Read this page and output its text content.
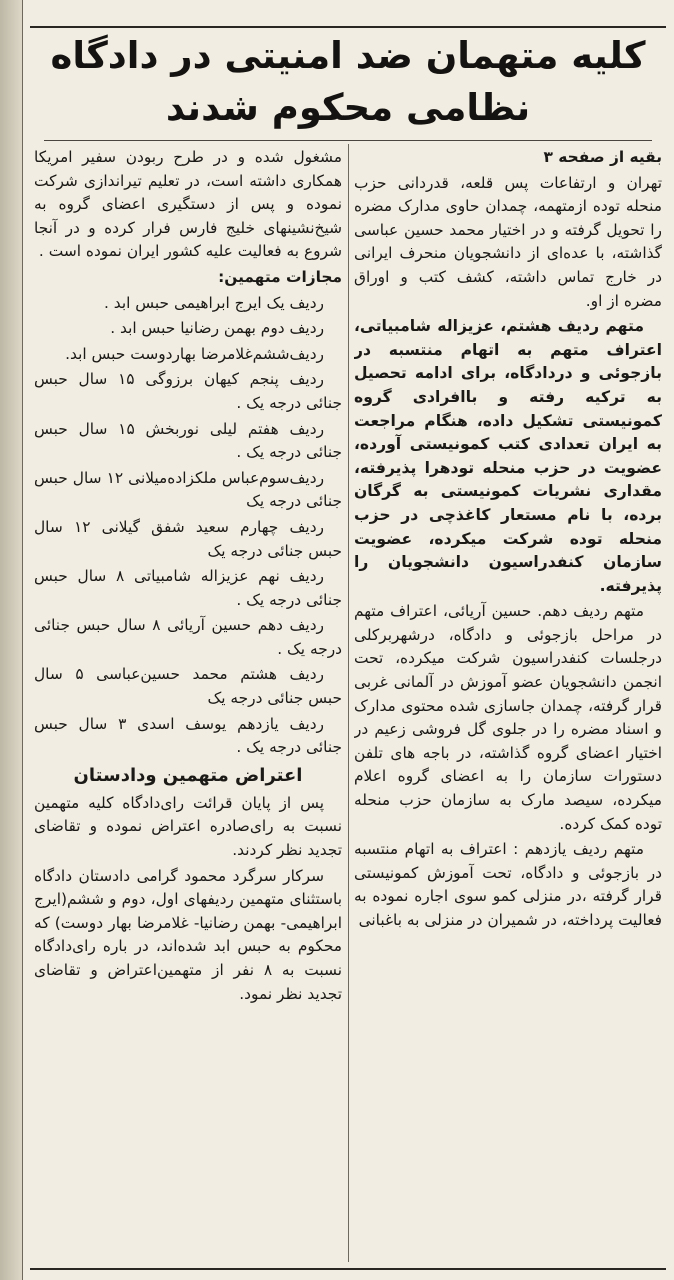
کلیه متهمان ضد امنیتی در دادگاه
نظامی محکوم شدند

بقیه از صفحه ۳

تهران و ارتفاعات پس قلعه، قدردانی حزب منحله توده ازمتهمه، چمدان حاوی مدارک مضره را تحویل گرفته و در اختیار محمد حسین عباسی گذاشته، با عده‌ای از دانشجویان منحرف ایرانی در خارج تماس داشته، کشف کتب و اوراق مضره از او.

متهم ردیف هشتم، عزیزاله شامبیاتی، اعتراف متهم به اتهام منتسبه در بازجوئی و دردادگاه، برای ادامه تحصیل به ترکیه رفته و باافرادی گروه کمونیستی تشکیل داده، هنگام مراجعت به ایران تعدادی کتب کمونیستی آورده، عضویت در حزب منحله تودهرا پذیرفته، مقداری نشریات کمونیستی به گرگان برده، با نام مستعار کاغذچی در حزب منحله توده شرکت میکرده، عضویت سازمان کنفدراسیون دانشجویان را پذیرفته.

متهم ردیف دهم. حسین آریائی، اعتراف متهم در مراحل بازجوئی و دادگاه، درشهربرکلی درجلسات کنفدراسیون شرکت میکرده، تحت انجمن دانشجویان عضو آموزش در آلمانی غربی قرار گرفته، چمدان جاسازی شده محتوی مدارک و اسناد مضره را در جلوی گل فروشی زعیم در اختیار اعضای گروه گذاشته، در باجه های تلفن دستورات سازمان را به اعضای گروه اعلام میکرده، سیصد مارک به سازمان حزب منحله توده کمک کرده.

متهم ردیف یازدهم : اعتراف به اتهام منتسبه در بازجوئی و دادگاه، تحت آموزش کمونیستی قرار گرفته ،در منزلی کمو سوی اجاره نموده به فعالیت پرداخته، در شمیران در منزلی به باغبانی

مشغول شده و در طرح ربودن سفیر امریکا همکاری داشته است، در تعلیم تیراندازی شرکت نموده و پس از دستگیری اعضای گروه به شیخ‌نشینهای خلیج فارس فرار کرده و در آنجا شروع به فعالیت علیه کشور ایران نموده است .

مجازات متهمین:

ردیف یک ایرج ابراهیمی حبس ابد .

ردیف دوم بهمن رضانیا حبس ابد .

ردیف‌ششم‌غلامرضا بهاردوست حبس ابد.

ردیف پنجم کیهان برزوگی ۱۵ سال حبس جنائی درجه یک .

ردیف هفتم لیلی نوربخش ۱۵ سال حبس جنائی درجه یک .

ردیف‌سوم‌عباس ملکزاده‌میلانی ۱۲ سال حبس جنائی درجه یک

ردیف چهارم سعید شفق گیلانی ۱۲ سال حبس جنائی درجه یک

ردیف نهم عزیزاله شامبیاتی ۸ سال حبس جنائی درجه یک .

ردیف دهم حسین آریائی ۸ سال حبس جنائی درجه یک .

ردیف هشتم محمد حسین‌عباسی ۵ سال حبس جنائی درجه یک

ردیف یازدهم یوسف اسدی ۳ سال حبس جنائی درجه یک .

اعتراض متهمین ودادستان

پس از پایان قرائت رای‌دادگاه کلیه متهمین نسبت به رای‌صادره اعتراض نموده و تقاضای تجدید نظر کردند.

سرکار سرگرد محمود گرامی دادستان دادگاه باستثنای متهمین ردیفهای اول، دوم و ششم(ایرج ابراهیمی- بهمن رضانیا- غلامرضا بهار دوست) که محکوم به حبس ابد شده‌اند، در باره رای‌دادگاه نسبت به ۸ نفر از متهمین‌اعتراض و تقاضای تجدید نظر نمود.
